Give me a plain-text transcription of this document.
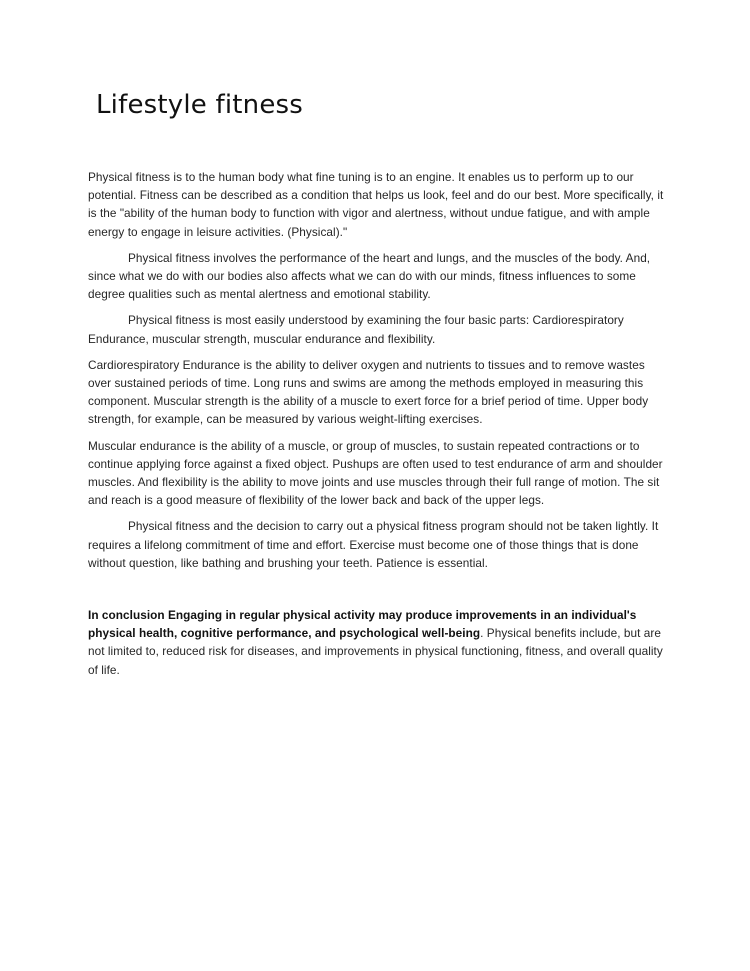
Lifestyle fitness

Physical fitness is to the human body what fine tuning is to an engine. It enables us to perform up to our potential. Fitness can be described as a condition that helps us look, feel and do our best. More specifically, it is the "ability of the human body to function with vigor and alertness, without undue fatigue, and with ample energy to engage in leisure activities. (Physical)."

Physical fitness involves the performance of the heart and lungs, and the muscles of the body. And, since what we do with our bodies also affects what we can do with our minds, fitness influences to some degree qualities such as mental alertness and emotional stability.

Physical fitness is most easily understood by examining the four basic parts: Cardiorespiratory Endurance, muscular strength, muscular endurance and flexibility.

Cardiorespiratory Endurance is the ability to deliver oxygen and nutrients to tissues and to remove wastes over sustained periods of time. Long runs and swims are among the methods employed in measuring this component. Muscular strength is the ability of a muscle to exert force for a brief period of time. Upper body strength, for example, can be measured by various weight-lifting exercises.

Muscular endurance is the ability of a muscle, or group of muscles, to sustain repeated contractions or to continue applying force against a fixed object. Pushups are often used to test endurance of arm and shoulder muscles. And flexibility is the ability to move joints and use muscles through their full range of motion. The sit and reach is a good measure of flexibility of the lower back and back of the upper legs.

Physical fitness and the decision to carry out a physical fitness program should not be taken lightly. It requires a lifelong commitment of time and effort. Exercise must become one of those things that is done without question, like bathing and brushing your teeth. Patience is essential.

In conclusion Engaging in regular physical activity may produce improvements in an individual's physical health, cognitive performance, and psychological well-being. Physical benefits include, but are not limited to, reduced risk for diseases, and improvements in physical functioning, fitness, and overall quality of life.
